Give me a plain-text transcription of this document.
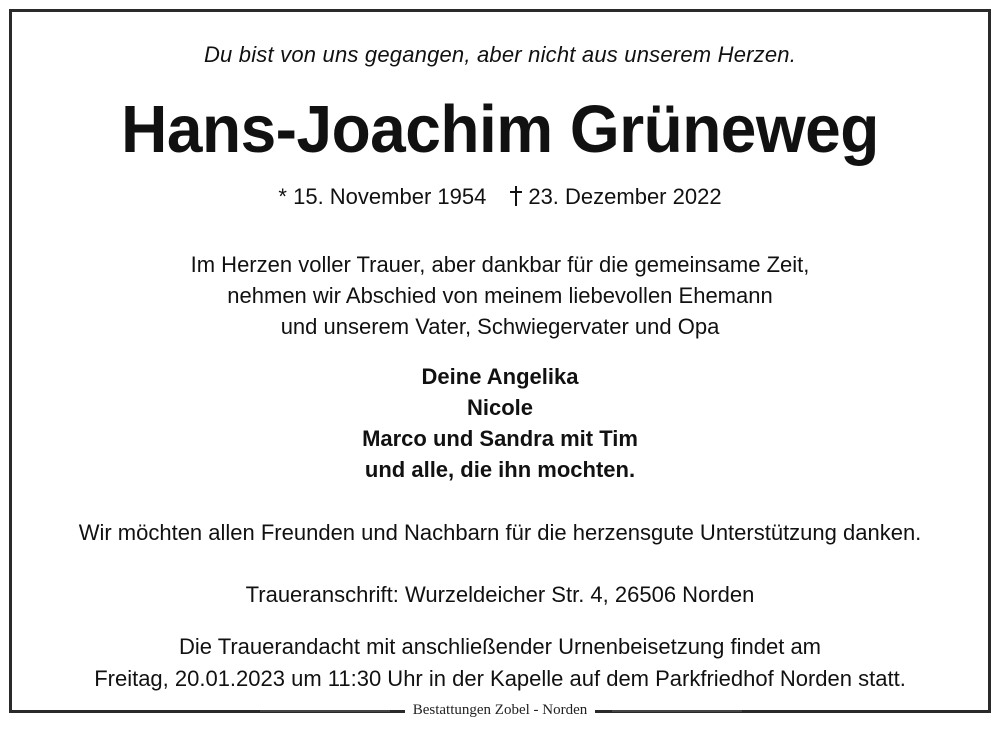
Du bist von uns gegangen, aber nicht aus unserem Herzen.
Hans-Joachim Grüneweg
* 15. November 1954 23. Dezember 2022
Im Herzen voller Trauer, aber dankbar für die gemeinsame Zeit,
nehmen wir Abschied von meinem liebevollen Ehemann
und unserem Vater, Schwiegervater und Opa
Deine Angelika
Nicole
Marco und Sandra mit Tim
und alle, die ihn mochten.
Wir möchten allen Freunden und Nachbarn für die herzensgute Unterstützung danken.
Traueranschrift: Wurzeldeicher Str. 4, 26506 Norden
Die Trauerandacht mit anschließender Urnenbeisetzung findet am
Freitag, 20.01.2023 um 11:30 Uhr in der Kapelle auf dem Parkfriedhof Norden statt.
Bestattungen Zobel - Norden
